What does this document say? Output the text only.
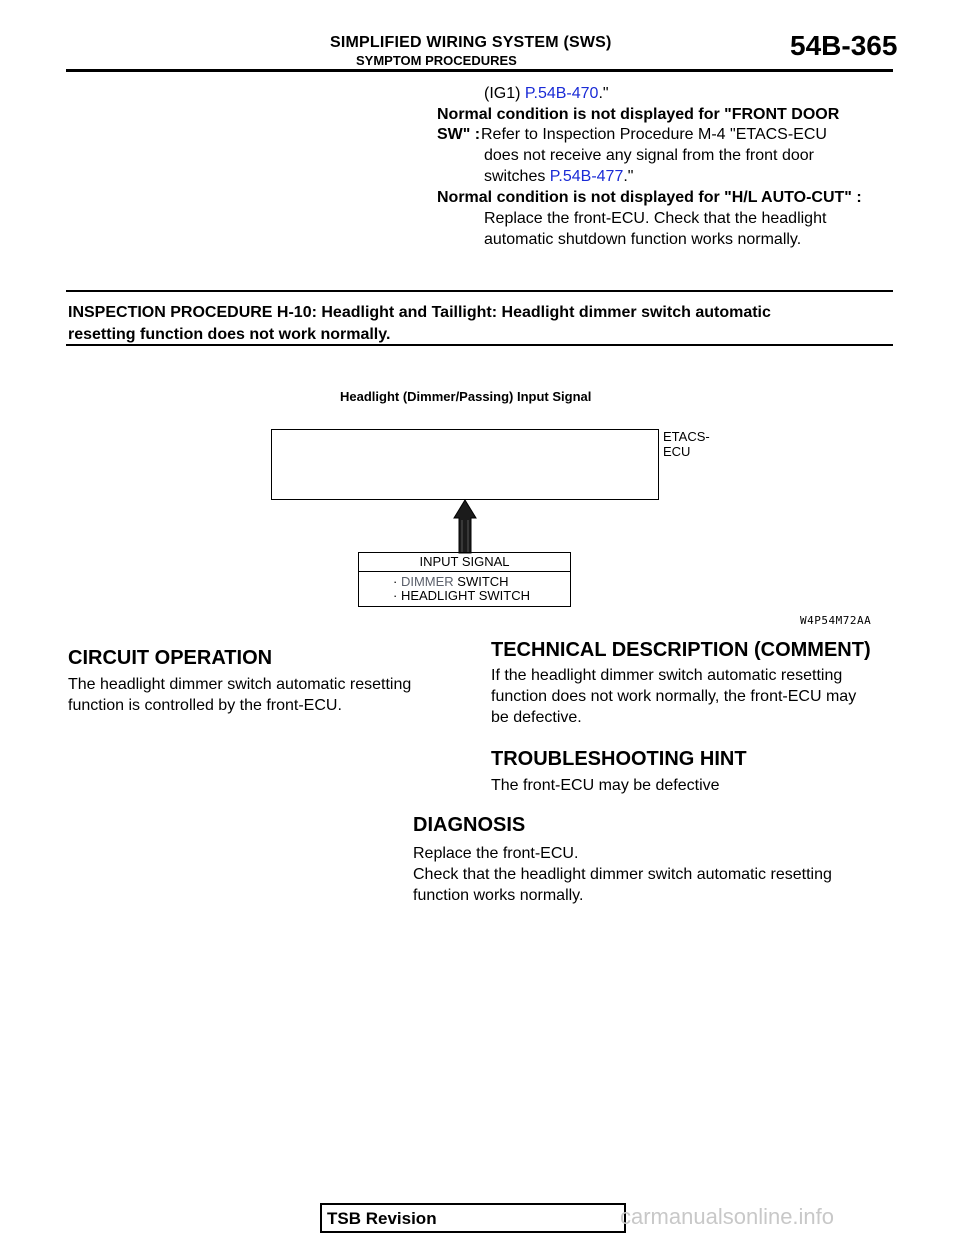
SIMPLIFIED WIRING SYSTEM (SWS)
SYMPTOM PROCEDURES	54B-365
(IG1) P.54B-470."
Normal condition is not displayed for "FRONT DOOR
SW" : Refer to Inspection Procedure M-4 "ETACS-ECU
does not receive any signal from the front door
switches P.54B-477."
Normal condition is not displayed for "H/L AUTO-CUT" :
Replace the front-ECU. Check that the headlight
automatic shutdown function works normally.
INSPECTION PROCEDURE H-10: Headlight and Taillight: Headlight dimmer switch automatic
resetting function does not work normally.
Headlight (Dimmer/Passing) Input Signal
ETACS-
ECU
INPUT SIGNAL
· DIMMER SWITCH
· HEADLIGHT SWITCH
W4P54M72AA
CIRCUIT OPERATION
The headlight dimmer switch automatic resetting
function is controlled by the front-ECU.
TECHNICAL DESCRIPTION (COMMENT)
If the headlight dimmer switch automatic resetting
function does not work normally, the front-ECU may
be defective.
TROUBLESHOOTING HINT
The front-ECU may be defective
DIAGNOSIS
Replace the front-ECU.
Check that the headlight dimmer switch automatic resetting
function works normally.
TSB Revision	carmanualsonline.info
